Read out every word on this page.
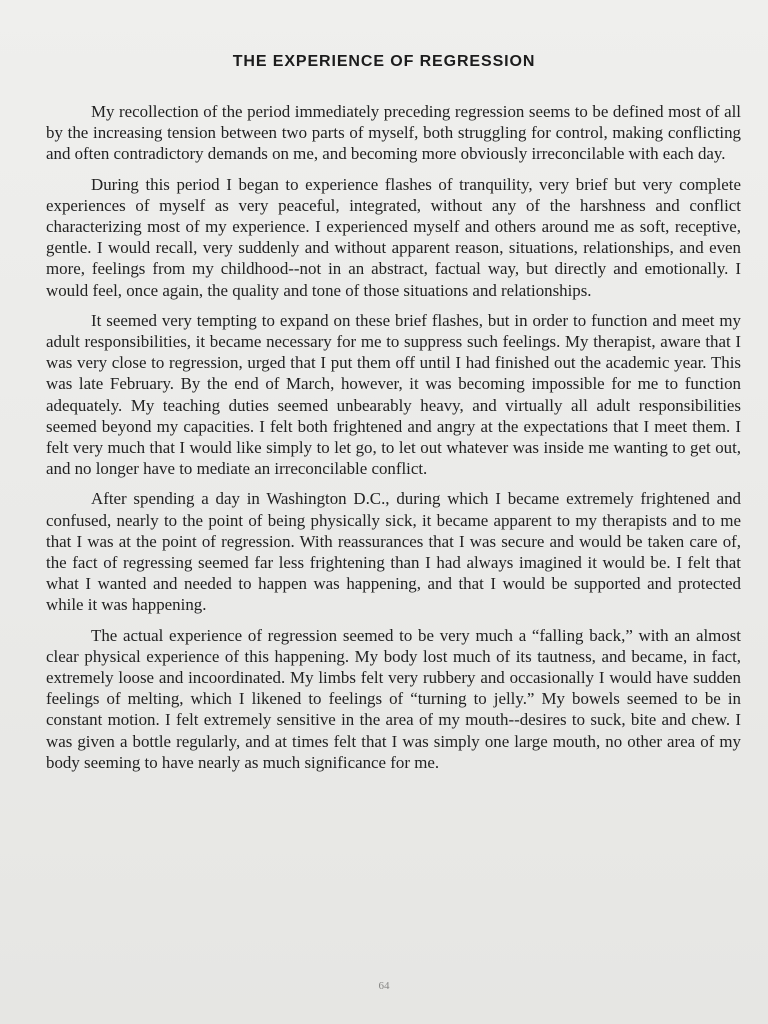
THE EXPERIENCE OF REGRESSION

My recollection of the period immediately preceding regression seems to be defined most of all by the increasing tension between two parts of myself, both struggling for control, making conflicting and often contradictory demands on me, and becoming more obviously irreconcilable with each day.

During this period I began to experience flashes of tranquility, very brief but very complete experiences of myself as very peaceful, integrated, without any of the harshness and conflict characterizing most of my experience. I experienced myself and others around me as soft, receptive, gentle. I would recall, very suddenly and without apparent reason, situations, relationships, and even more, feelings from my childhood--not in an abstract, factual way, but directly and emotionally. I would feel, once again, the quality and tone of those situations and relationships.

It seemed very tempting to expand on these brief flashes, but in order to function and meet my adult responsibilities, it became necessary for me to suppress such feelings. My therapist, aware that I was very close to regression, urged that I put them off until I had finished out the academic year. This was late February. By the end of March, however, it was becoming impossible for me to function adequately. My teaching duties seemed unbearably heavy, and virtually all adult responsibilities seemed beyond my capacities. I felt both frightened and angry at the expectations that I meet them. I felt very much that I would like simply to let go, to let out whatever was inside me wanting to get out, and no longer have to mediate an irreconcilable conflict.

After spending a day in Washington D.C., during which I became extremely frightened and confused, nearly to the point of being physically sick, it became apparent to my therapists and to me that I was at the point of regression. With reassurances that I was secure and would be taken care of, the fact of regressing seemed far less frightening than I had always imagined it would be. I felt that what I wanted and needed to happen was happening, and that I would be supported and protected while it was happening.

The actual experience of regression seemed to be very much a “falling back,” with an almost clear physical experience of this happening. My body lost much of its tautness, and became, in fact, extremely loose and incoordinated. My limbs felt very rubbery and occasionally I would have sudden feelings of melting, which I likened to feelings of “turning to jelly.” My bowels seemed to be in constant motion. I felt extremely sensitive in the area of my mouth--desires to suck, bite and chew. I was given a bottle regularly, and at times felt that I was simply one large mouth, no other area of my body seeming to have nearly as much significance for me.

64
